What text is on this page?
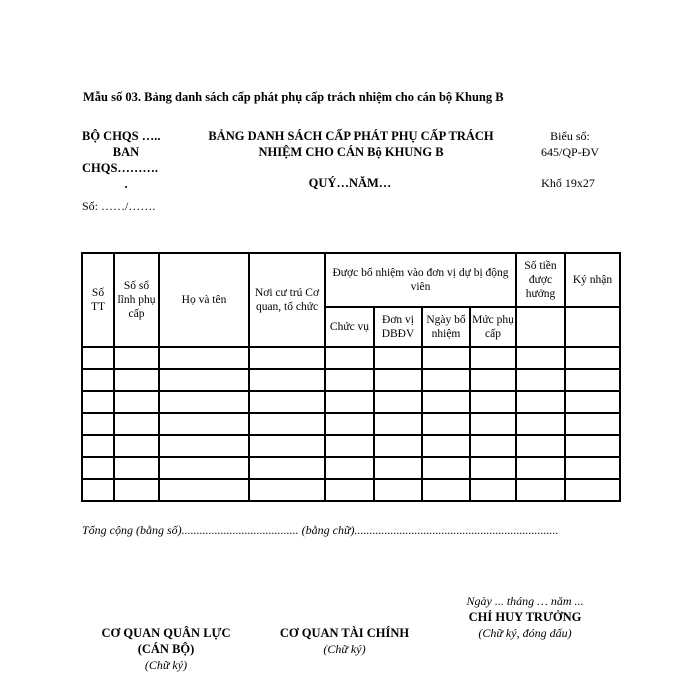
Mẫu số 03. Bảng danh sách cấp phát phụ cấp trách nhiệm cho cán bộ Khung B
BỘ CHQS …..
BAN
CHQS……….
.
Số: ……/…….
BẢNG DANH SÁCH CẤP PHÁT PHỤ CẤP TRÁCH
NHIỆM CHO CÁN Bộ KHUNG B
QUÝ…NĂM…
Biểu số:
645/QP-ĐV
Khổ 19x27
Số TT	Số sổ lĩnh phụ cấp	Họ và tên	Nơi cư trú Cơ quan, tổ chức	Được bổ nhiệm vào đơn vị dự bị động viên				Số tiền được hưởng	Ký nhận
				Chức vụ	Đơn vị DBĐV	Ngày bổ nhiệm	Mức phụ cấp		

Tổng cộng (bằng số)....................................... (bằng chữ)....................................................................
Ngày ... tháng … năm ...
CƠ QUAN QUÂN LỰC
(CÁN BỘ)
(Chữ ký)
CƠ QUAN TÀI CHÍNH
(Chữ ký)
CHỈ HUY TRƯỞNG
(Chữ ký, đóng dấu)
